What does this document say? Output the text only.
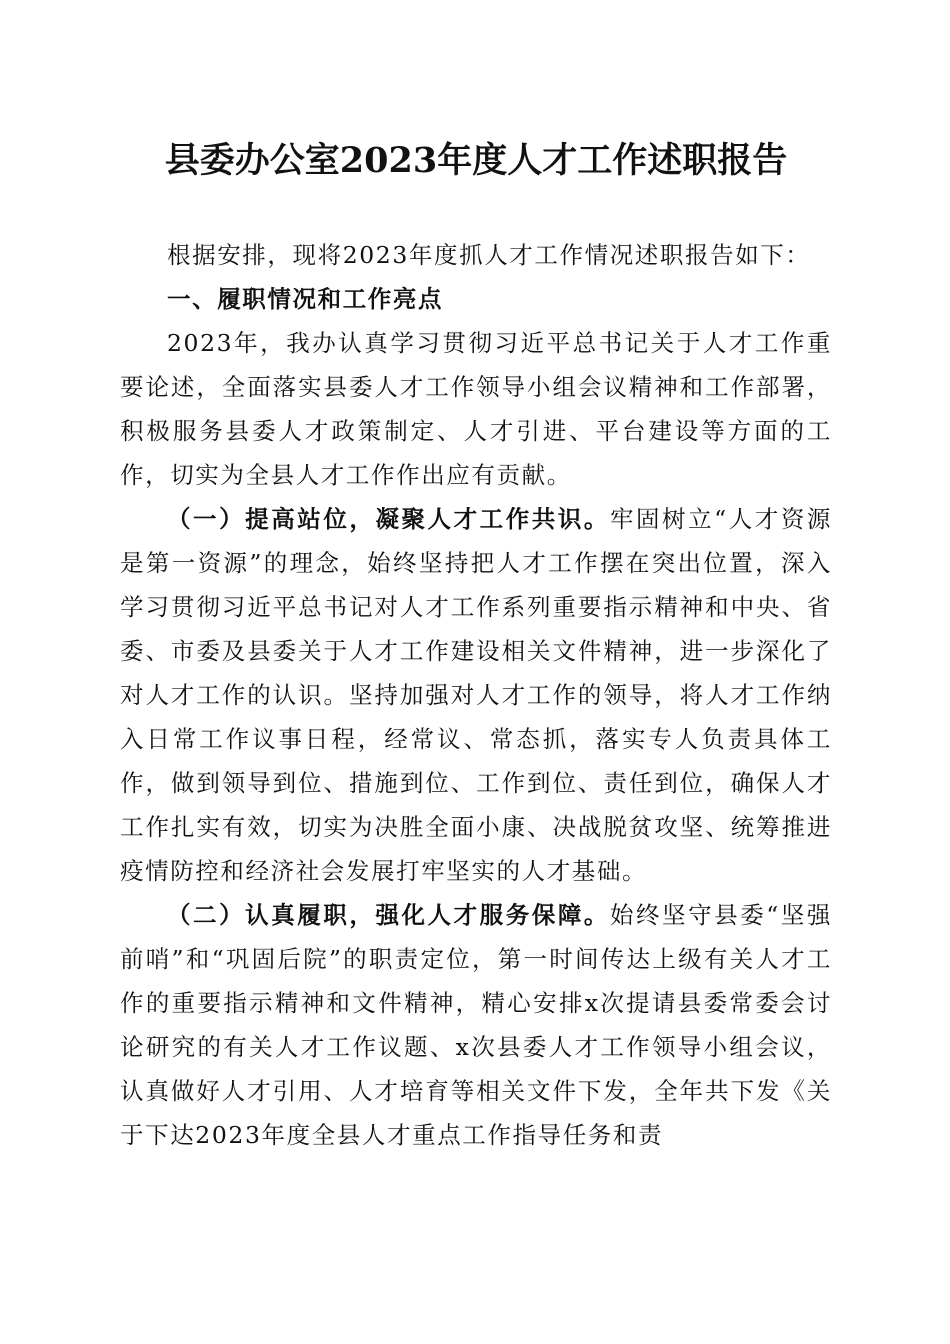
县委办公室2023年度人才工作述职报告

根据安排，现将2023年度抓人才工作情况述职报告如下：

一、履职情况和工作亮点

2023年，我办认真学习贯彻习近平总书记关于人才工作重要论述，全面落实县委人才工作领导小组会议精神和工作部署，积极服务县委人才政策制定、人才引进、平台建设等方面的工作，切实为全县人才工作作出应有贡献。

（一）提高站位，凝聚人才工作共识。牢固树立“人才资源是第一资源”的理念，始终坚持把人才工作摆在突出位置，深入学习贯彻习近平总书记对人才工作系列重要指示精神和中央、省委、市委及县委关于人才工作建设相关文件精神，进一步深化了对人才工作的认识。坚持加强对人才工作的领导，将人才工作纳入日常工作议事日程，经常议、常态抓，落实专人负责具体工作，做到领导到位、措施到位、工作到位、责任到位，确保人才工作扎实有效，切实为决胜全面小康、决战脱贫攻坚、统筹推进疫情防控和经济社会发展打牢坚实的人才基础。

（二）认真履职，强化人才服务保障。始终坚守县委“坚强前哨”和“巩固后院”的职责定位，第一时间传达上级有关人才工作的重要指示精神和文件精神，精心安排x次提请县委常委会讨论研究的有关人才工作议题、x次县委人才工作领导小组会议，认真做好人才引用、人才培育等相关文件下发，全年共下发《关于下达2023年度全县人才重点工作指导任务和责
